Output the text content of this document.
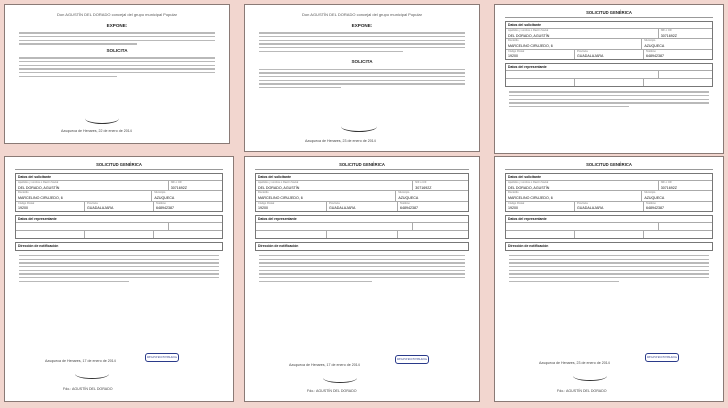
Don AGUSTÍN DEL DORADO concejal del grupo municipal Popular
EXPONE:
SOLICITA
Azuqueca de Henares, 22 de enero de 2014
Don AGUSTÍN DEL DORADO concejal del grupo municipal Popular
EXPONE:
SOLICITA
Azuqueca de Henares, 23 de enero de 2014
SOLICITUD GENÉRICA
Datos del solicitante
Apellidos y nombre o Razón Social
DEL DORADO, AGUSTÍN
NIF o CIF
3071692Z
Domicilio
MARCELINO CIRUJEDO, 6
Municipio
AZUQUECA
Código Postal
19200
Provincia
GUADALAJARA
Teléfono
648942387
Datos del representante

SOLICITUD GENÉRICA
Datos del solicitante
Apellidos y nombre o Razón Social
DEL DORADO, AGUSTÍN
NIF o CIF
3071692Z
Domicilio
MARCELINO CIRUJEDO, 6
Municipio
AZUQUECA
Código Postal
19200
Provincia
GUADALAJARA
Teléfono
648942387
Datos del representante

Dirección de notificación
Azuqueca de Henares, 17 de enero de 2014
REGISTRO ENTRADA
Fdo.: AGUSTÍN DEL DORADO
SOLICITUD GENÉRICA
Datos del solicitante
Apellidos y nombre o Razón Social
DEL DORADO, AGUSTÍN
NIF o CIF
3071692Z
Domicilio
MARCELINO CIRUJEDO, 6
Municipio
AZUQUECA
Código Postal
19200
Provincia
GUADALAJARA
Teléfono
648942387
Datos del representante

Dirección de notificación
Azuqueca de Henares, 17 de enero de 2014
REGISTRO ENTRADA
Fdo.: AGUSTÍN DEL DORADO
SOLICITUD GENÉRICA
Datos del solicitante
Apellidos y nombre o Razón Social
DEL DORADO, AGUSTÍN
NIF o CIF
3071692Z
Domicilio
MARCELINO CIRUJEDO, 6
Municipio
AZUQUECA
Código Postal
19200
Provincia
GUADALAJARA
Teléfono
648942387
Datos del representante

Dirección de notificación
Azuqueca de Henares, 23 de enero de 2014
REGISTRO ENTRADA
Fdo.: AGUSTÍN DEL DORADO
